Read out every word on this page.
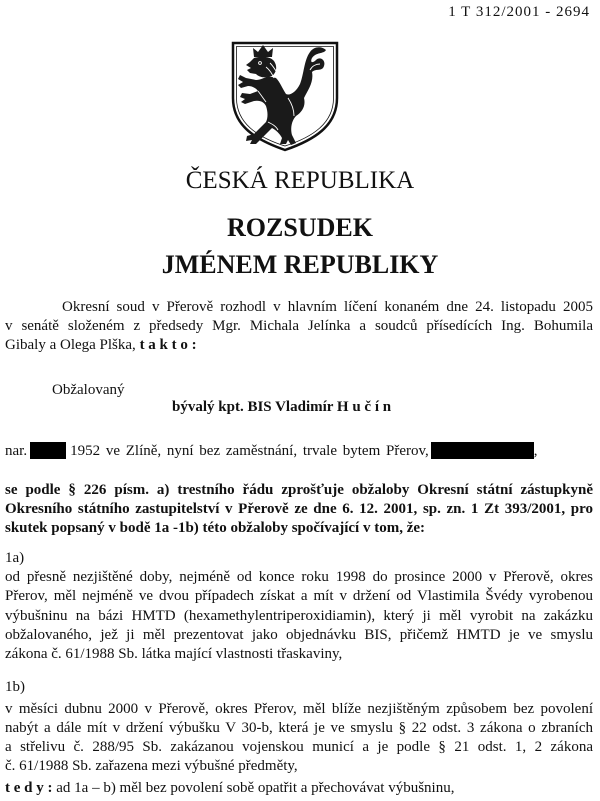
1 T 312/2001 - 2694
ČESKÁ REPUBLIKA
ROZSUDEK
JMÉNEM REPUBLIKY
Okresní soud v Přerově rozhodl v hlavním líčení konaném dne 24. listopadu 2005
v senátě složeném z předsedy Mgr. Michala Jelínka a soudců přísedících Ing. Bohumila
Gibaly a Olega Plška, t a k t o :
Obžalovaný
bývalý kpt. BIS Vladimír H u č í n
nar.	1952 ve Zlíně, nyní bez zaměstnání, trvale bytem Přerov,	,
se podle § 226 písm. a) trestního řádu zprošťuje obžaloby Okresní státní zástupkyně
Okresního státního zastupitelství v Přerově ze dne 6. 12. 2001, sp. zn. 1 Zt 393/2001, pro
skutek popsaný v bodě 1a -1b) této obžaloby spočívající v tom, že:
1a)
od přesně nezjištěné doby, nejméně od konce roku 1998 do prosince 2000 v Přerově, okres
Přerov, měl nejméně ve dvou případech získat a mít v držení od Vlastimila Švédy vyrobenou
výbušninu na bázi HMTD (hexamethylentriperoxidiamin), který ji měl vyrobit na zakázku
obžalovaného, jež ji měl prezentovat jako objednávku BIS, přičemž HMTD je ve smyslu
zákona č. 61/1988 Sb. látka mající vlastnosti třaskaviny,
1b)
v měsíci dubnu 2000 v Přerově, okres Přerov, měl blíže nezjištěným způsobem bez povolení
nabýt a dále mít v držení výbušku V 30-b, která je ve smyslu § 22 odst. 3 zákona o zbraních
a střelivu č. 288/95 Sb. zakázanou vojenskou municí a je podle § 21 odst. 1, 2 zákona
č. 61/1988 Sb. zařazena mezi výbušné předměty,
t e d y : ad 1a – b) měl bez povolení sobě opatřit a přechovávat výbušninu,
